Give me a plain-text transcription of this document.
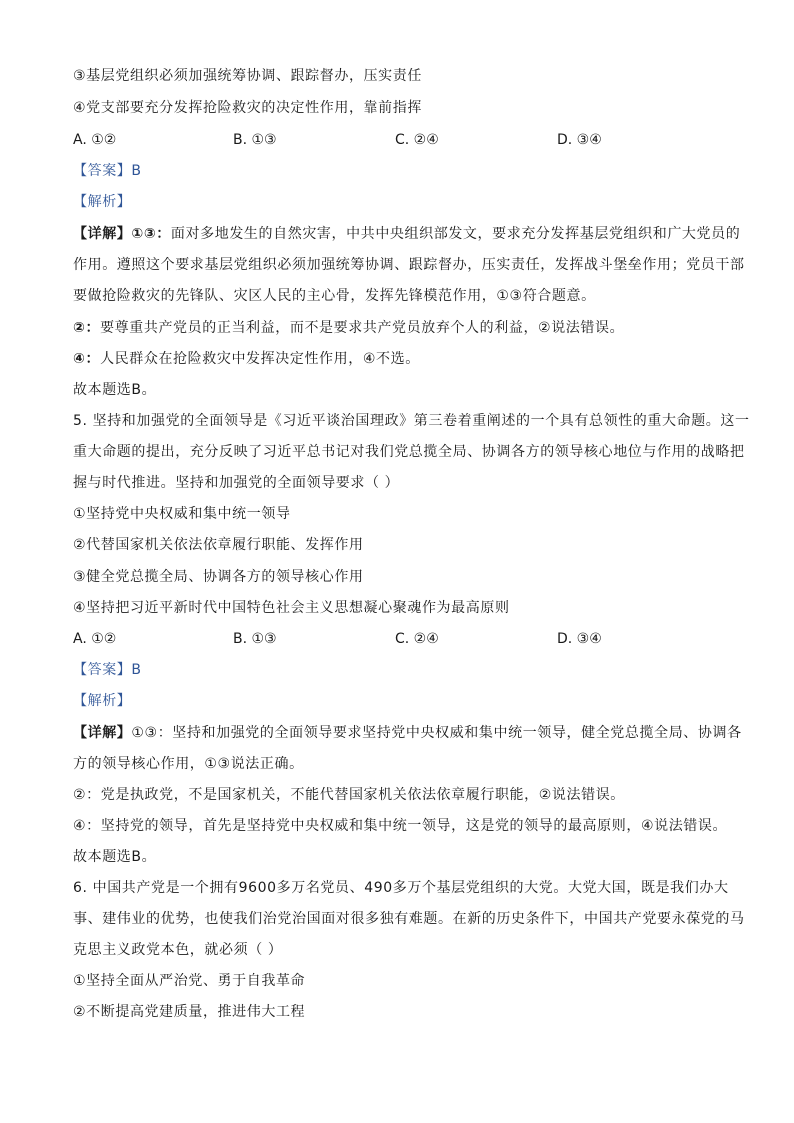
③基层党组织必须加强统筹协调、跟踪督办，压实责任
④党支部要充分发挥抢险救灾的决定性作用，靠前指挥
A. ①②	B. ①③	C. ②④	D. ③④
【答案】B
【解析】
【详解】①③：面对多地发生的自然灾害，中共中央组织部发文，要求充分发挥基层党组织和广大党员的
作用。遵照这个要求基层党组织必须加强统筹协调、跟踪督办，压实责任，发挥战斗堡垒作用；党员干部
要做抢险救灾的先锋队、灾区人民的主心骨，发挥先锋模范作用，①③符合题意。
②：要尊重共产党员的正当利益，而不是要求共产党员放弃个人的利益，②说法错误。
④：人民群众在抢险救灾中发挥决定性作用，④不选。
故本题选B。
5. 坚持和加强党的全面领导是《习近平谈治国理政》第三卷着重阐述的一个具有总领性的重大命题。这一
重大命题的提出，充分反映了习近平总书记对我们党总揽全局、协调各方的领导核心地位与作用的战略把
握与时代推进。坚持和加强党的全面领导要求（ ）
①坚持党中央权威和集中统一领导
②代替国家机关依法依章履行职能、发挥作用
③健全党总揽全局、协调各方的领导核心作用
④坚持把习近平新时代中国特色社会主义思想凝心聚魂作为最高原则
A. ①②	B. ①③	C. ②④	D. ③④
【答案】B
【解析】
【详解】①③：坚持和加强党的全面领导要求坚持党中央权威和集中统一领导，健全党总揽全局、协调各
方的领导核心作用，①③说法正确。
②：党是执政党，不是国家机关，不能代替国家机关依法依章履行职能，②说法错误。
④：坚持党的领导，首先是坚持党中央权威和集中统一领导，这是党的领导的最高原则，④说法错误。
故本题选B。
6. 中国共产党是一个拥有9600多万名党员、490多万个基层党组织的大党。大党大国，既是我们办大
事、建伟业的优势，也使我们治党治国面对很多独有难题。在新的历史条件下，中国共产党要永葆党的马
克思主义政党本色，就必须（ ）
①坚持全面从严治党、勇于自我革命
②不断提高党建质量，推进伟大工程
